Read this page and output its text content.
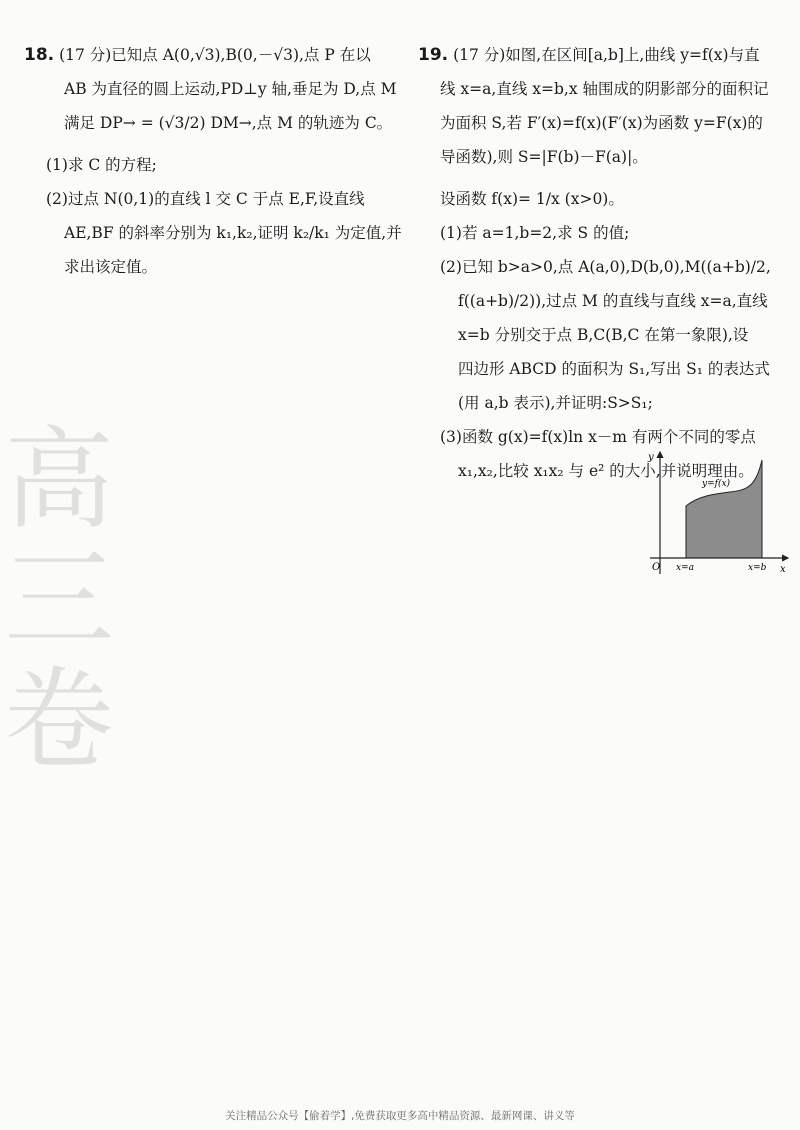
18. (17 分)已知点 A(0,√3),B(0,－√3),点 P 在以
AB 为直径的圆上运动,PD⊥y 轴,垂足为 D,点 M
满足 DP→ = (√3/2) DM→,点 M 的轨迹为 C。
(1)求 C 的方程;
(2)过点 N(0,1)的直线 l 交 C 于点 E,F,设直线
AE,BF 的斜率分别为 k₁,k₂,证明 k₂/k₁ 为定值,并
求出该定值。
19. (17 分)如图,在区间[a,b]上,曲线 y=f(x)与直
线 x=a,直线 x=b,x 轴围成的阴影部分的面积记
为面积 S,若 F′(x)=f(x)(F′(x)为函数 y=F(x)的
导函数),则 S=|F(b)－F(a)|。
设函数 f(x)= 1/x (x>0)。
(1)若 a=1,b=2,求 S 的值;
(2)已知 b>a>0,点 A(a,0),D(b,0),M((a+b)/2,
f((a+b)/2)),过点 M 的直线与直线 x=a,直线
x=b 分别交于点 B,C(B,C 在第一象限),设
四边形 ABCD 的面积为 S₁,写出 S₁ 的表达式
(用 a,b 表示),并证明:S>S₁;
(3)函数 g(x)=f(x)ln x－m 有两个不同的零点
x₁,x₂,比较 x₁x₂ 与 e² 的大小,并说明理由。
y
x
O
y=f(x)
x=a	x=b
高三卷
关注精品公众号【偷着学】,免费获取更多高中精品资源、最新网课、讲义等
